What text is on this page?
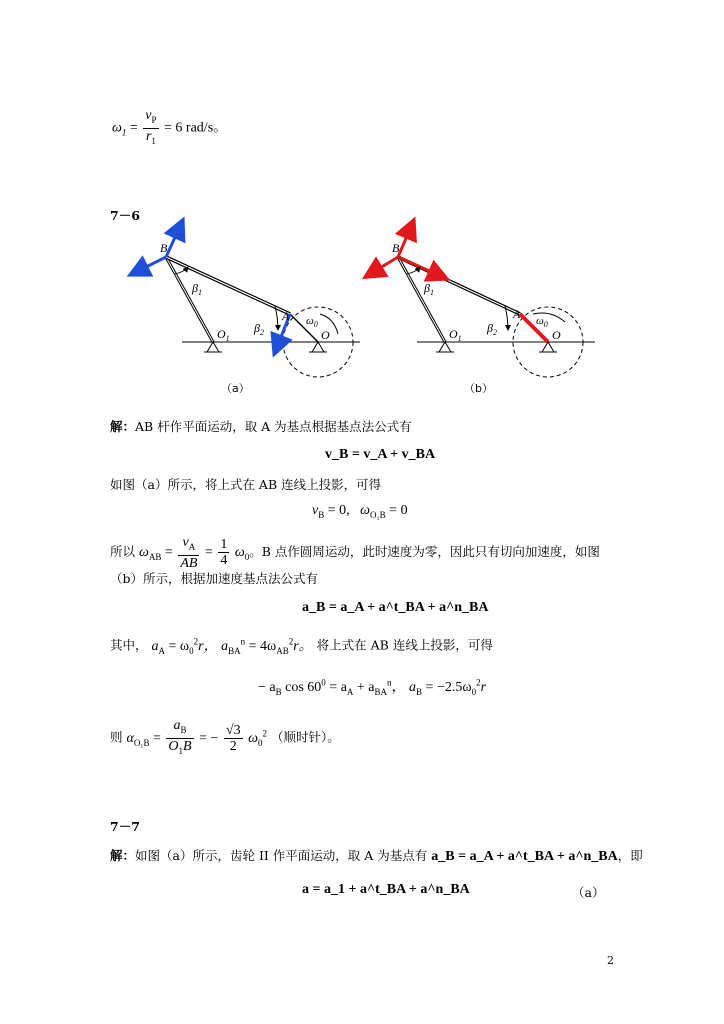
$\omega_1 = \frac{v_P}{r_1} = 6$ rad/s。
7－6
B
$\beta_1$
$\beta_2$
$O_1$
A $\omega_0$
O
（a）
B
$\beta_1$
$\beta_2$
$O_1$
A $\omega_0$
O
（b）
解：AB 杆作平面运动，取 A 为基点根据基点法公式有
v_B = v_A + v_BA
如图（a）所示，将上式在 AB 连线上投影，可得
$v_B = 0$, $\omega_{O_1B} = 0$
所以 $\omega_{AB} = \frac{v_A}{AB} = \frac{1}{4} \omega_0$。B 点作圆周运动，此时速度为零，因此只有切向加速度，如图
（b）所示，根据加速度基点法公式有
a_B = a_A + a^t_BA + a^n_BA
其中， $a_A = \omega_0^2r$， $a_{BA}^n = 4\omega_{AB}^2r$。 将上式在 AB 连线上投影，可得
− $a_B$ $\cos 60^0 = a_A + a_{BA}^n$， $a_B = -2.5\omega_0^2r$
则 $\alpha_{O_1B} = \frac{a_B}{O_1B}$ = − $\frac{√3}{2} \omega_0^2$ （顺时针）。
7－7
解：如图（a）所示，齿轮 II 作平面运动，取 A 为基点有 a_B = a_A + a^t_BA + a^n_BA，即
a = a_1 + a^t_BA + a^n_BA	（a）
2
